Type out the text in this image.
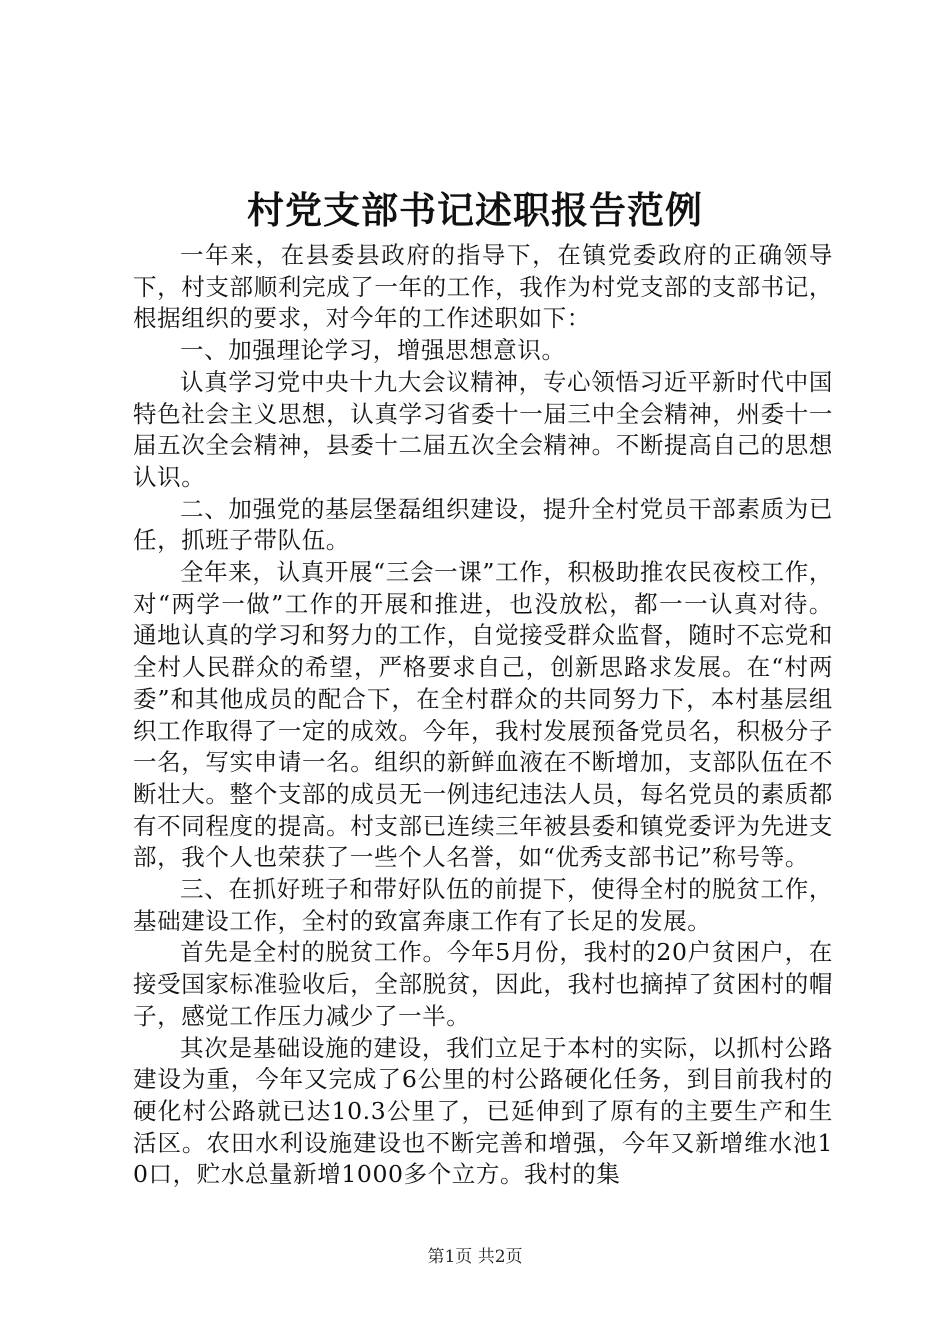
村党支部书记述职报告范例

一年来，在县委县政府的指导下，在镇党委政府的正确领导下，村支部顺利完成了一年的工作，我作为村党支部的支部书记，根据组织的要求，对今年的工作述职如下：

一、加强理论学习，增强思想意识。

认真学习党中央十九大会议精神，专心领悟习近平新时代中国特色社会主义思想，认真学习省委十一届三中全会精神，州委十一届五次全会精神，县委十二届五次全会精神。不断提高自己的思想认识。

二、加强党的基层堡磊组织建设，提升全村党员干部素质为已任，抓班子带队伍。

全年来，认真开展“三会一课”工作，积极助推农民夜校工作，对“两学一做”工作的开展和推进，也没放松，都一一认真对待。通地认真的学习和努力的工作，自觉接受群众监督，随时不忘党和全村人民群众的希望，严格要求自己，创新思路求发展。在“村两委”和其他成员的配合下，在全村群众的共同努力下，本村基层组织工作取得了一定的成效。今年，我村发展预备党员名，积极分子一名，写实申请一名。组织的新鲜血液在不断增加，支部队伍在不断壮大。整个支部的成员无一例违纪违法人员，每名党员的素质都有不同程度的提高。村支部已连续三年被县委和镇党委评为先进支部，我个人也荣获了一些个人名誉，如“优秀支部书记”称号等。

三、在抓好班子和带好队伍的前提下，使得全村的脱贫工作，基础建设工作，全村的致富奔康工作有了长足的发展。

首先是全村的脱贫工作。今年5月份，我村的20户贫困户，在接受国家标准验收后，全部脱贫，因此，我村也摘掉了贫困村的帽子，感觉工作压力减少了一半。

其次是基础设施的建设，我们立足于本村的实际，以抓村公路建设为重，今年又完成了6公里的村公路硬化任务，到目前我村的硬化村公路就已达10.3公里了，已延伸到了原有的主要生产和生活区。农田水利设施建设也不断完善和增强，今年又新增维水池10口，贮水总量新增1000多个立方。我村的集

第1页 共2页
